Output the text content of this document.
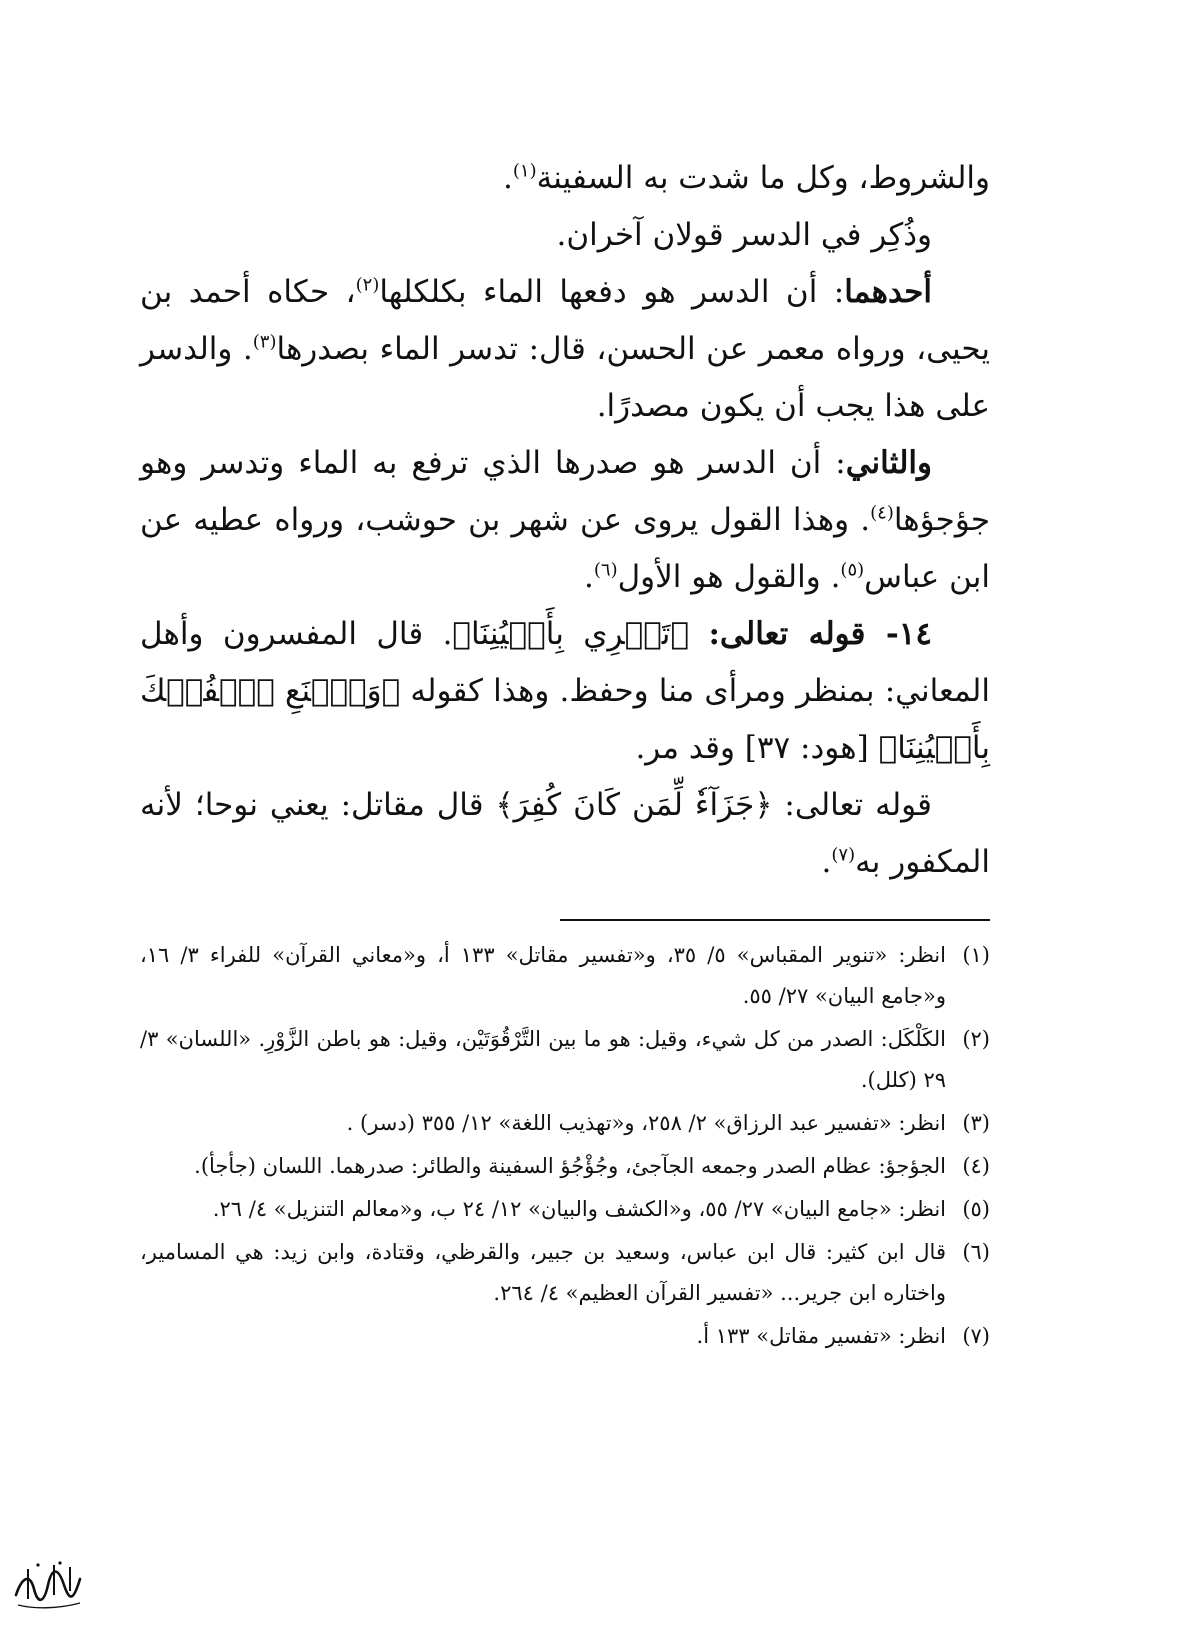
والشروط، وكل ما شدت به السفينة$^{(١)}$.

وذُكِر في الدسر قولان آخران.

أحدهما: أن الدسر هو دفعها الماء بكلكلها$^{(٢)}$، حكاه أحمد بن يحيى، ورواه معمر عن الحسن، قال: تدسر الماء بصدرها$^{(٣)}$. والدسر على هذا يجب أن يكون مصدرًا.

والثاني: أن الدسر هو صدرها الذي ترفع به الماء وتدسر وهو جؤجؤها$^{(٤)}$. وهذا القول يروى عن شهر بن حوشب، ورواه عطيه عن ابن عباس$^{(٥)}$. والقول هو الأول$^{(٦)}$.

١٤- قوله تعالى: ﴿تَجۡرِي بِأَعۡيُنِنَا﴾. قال المفسرون وأهل المعاني: بمنظر ومرأى منا وحفظ. وهذا كقوله ﴿وَٱصۡنَعِ ٱلۡفُلۡكَ بِأَعۡيُنِنَا﴾ [هود: ٣٧] وقد مر.

قوله تعالى: ﴿جَزَآءٗ لِّمَن كَانَ كُفِرَ﴾ قال مقاتل: يعني نوحا؛ لأنه المكفور به$^{(٧)}$.

(١)
انظر: «تنوير المقباس» ٥/ ٣٥، و«تفسير مقاتل» ١٣٣ أ، و«معاني القرآن» للفراء ٣/ ١٦، و«جامع البيان» ٢٧/ ٥٥.
(٢)
الكَلْكَل: الصدر من كل شيء، وقيل: هو ما بين التَّرْقُوَتَيْن، وقيل: هو باطن الزَّوْرِ. «اللسان» ٣/ ٢٩ (كلل).
(٣)
انظر: «تفسير عبد الرزاق» ٢/ ٢٥٨، و«تهذيب اللغة» ١٢/ ٣٥٥ (دسر) .
(٤)
الجؤجؤ: عظام الصدر وجمعه الجآجئ، وجُؤْجُؤ السفينة والطائر: صدرهما. اللسان (جأجأ).
(٥)
انظر: «جامع البيان» ٢٧/ ٥٥، و«الكشف والبيان» ١٢/ ٢٤ ب، و«معالم التنزيل» ٤/ ٢٦.
(٦)
قال ابن كثير: قال ابن عباس، وسعيد بن جبير، والقرظي، وقتادة، وابن زيد: هي المسامير، واختاره ابن جرير... «تفسير القرآن العظيم» ٤/ ٢٦٤.
(٧)
انظر: «تفسير مقاتل» ١٣٣ أ.
